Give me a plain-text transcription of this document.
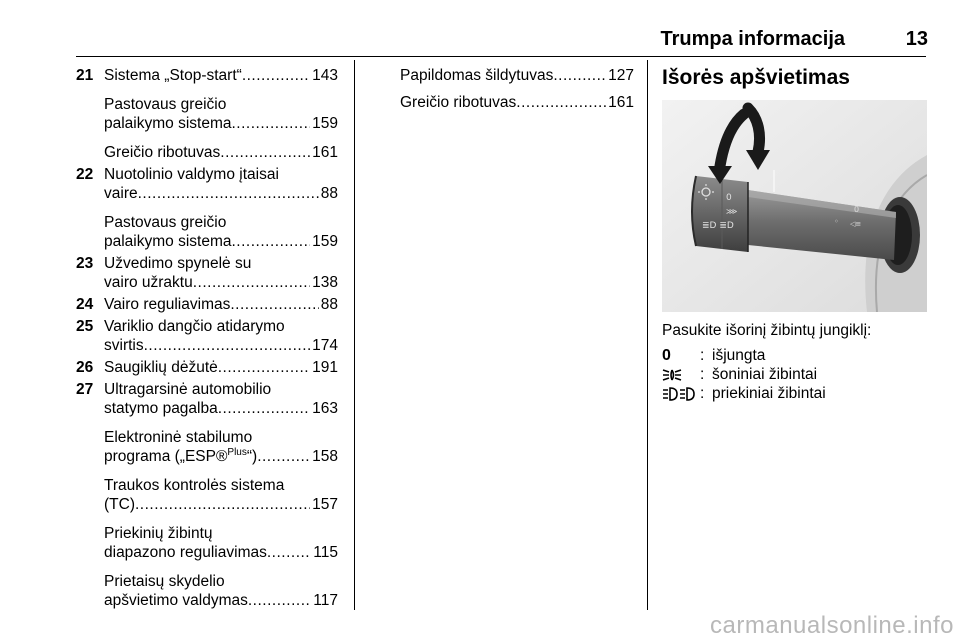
Trumpa informacija	13
21 Sistema „Stop-start“ .....	143
Pastovaus greičio
palaikymo sistema .....	159
Greičio ribotuvas .....	161
22 Nuotolinio valdymo įtaisai
vaire .....	88
Pastovaus greičio
palaikymo sistema .....	159
23 Užvedimo spynelė su
vairo užraktu .....	138
24 Vairo reguliavimas .....	88
25 Variklio dangčio atidarymo
svirtis .....	174
26 Saugiklių dėžutė .....	191
27 Ultragarsinė automobilio
statymo pagalba .....	163
Elektroninė stabilumo
programa („ESP®$^{Plus}$“) .....	158
Traukos kontrolės sistema
(TC) .....	157
Priekinių žibintų
diapazono reguliavimas .....	115
Prietaisų skydelio
apšvietimo valdymas .....	117
Papildomas šildytuvas .....	127
Greičio ribotuvas .....	161
Išorės apšvietimas
0
⋙
≣D ≣D	◦
0
◁≡
Pasukite išorinį žibintų jungiklį:
0 : išjungta
: šoniniai žibintai
: priekiniai žibintai
carmanualsonline.info
